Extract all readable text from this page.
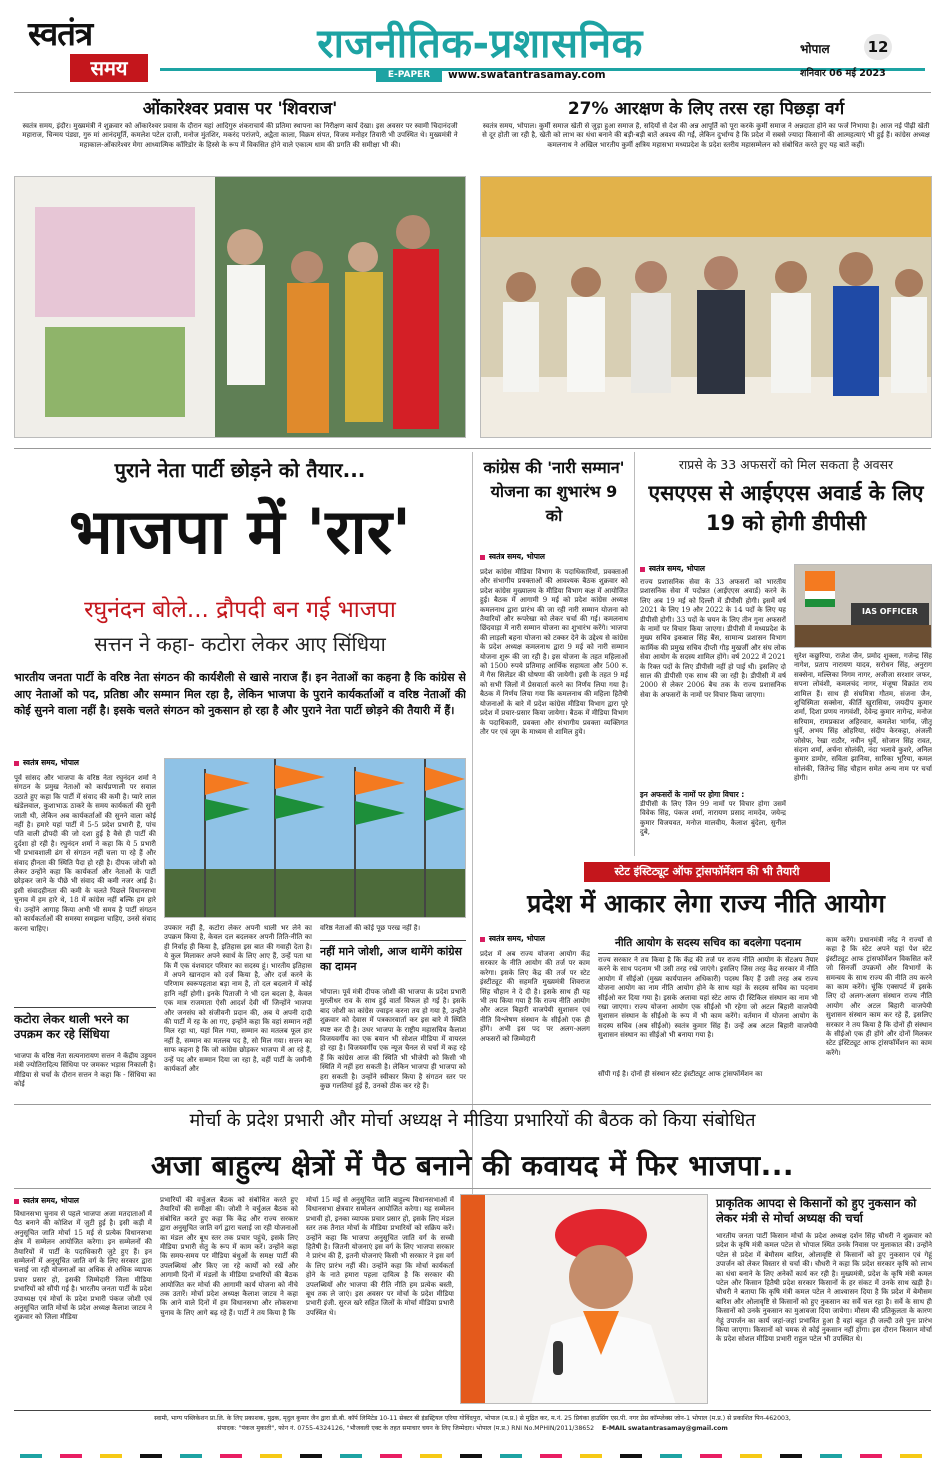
स्वतंत्र
समय
राजनीतिक-प्रशासनिक
E-PAPER	www.swatantrasamay.com
भोपाल	12
शनिवार 06 मई 2023
ओंकारेश्वर प्रवास पर 'शिवराज'
स्वतंत्र समय, इंदौर। मुख्यमंत्री ने शुक्रवार को ओंकारेश्वर प्रवास के दौरान यहां आदिगुरु शंकराचार्य की प्रतिमा स्थापना का निरीक्षण कार्य देखा। इस अवसर पर स्वामी चिदानंदजी महाराज, चिन्मय पंड्या, गुरु मां आनंदमूर्ति, कमलेश पटेल दाजी, मनोज मुंतशिर, मकरंद परांजपे, अद्वैता काला, विक्रम संपत, विजय मनोहर तिवारी भी उपस्थित थे। मुख्यमंत्री ने महाकाल-ओंकारेश्वर मेगा आध्यात्मिक कॉरिडोर के हिस्से के रूप में विकसित होने वाले एकात्म धाम की प्रगति की समीक्षा भी की।
27% आरक्षण के लिए तरस रहा पिछड़ा वर्ग
स्वतंत्र समय, भोपाल। कुर्मी समाज खेती से जुड़ा हुआ समाज है, सदियों से देश की अन्न आपूर्ति को पूरा करके कुर्मी समाज ने अन्नदाता होने का फर्ज निभाया है। आज नई पीढ़ी खेती से दूर होती जा रही है, खेती को लाभ का धंधा बनाने की बड़ी-बड़ी बातें अवश्य की गईं, लेकिन दुर्भाग्य है कि प्रदेश में सबसे ज्यादा किसानों की आत्महत्याएं भी हुई हैं। कांग्रेस अध्यक्ष कमलनाथ ने अखिल भारतीय कुर्मी क्षत्रिय महासभा मध्यप्रदेश के प्रदेश स्तरीय महासम्मेलन को संबोधित करते हुए यह बातें कहीं।
पुराने नेता पार्टी छोड़ने को तैयार...
भाजपा में 'रार'
रघुनंदन बोले... द्रौपदी बन गई भाजपा
सत्तन ने कहा- कटोरा लेकर आए सिंधिया
भारतीय जनता पार्टी के वरिष्ठ नेता संगठन की कार्यशैली से खासे नाराज हैं। इन नेताओं का कहना है कि कांग्रेस से आए नेताओं को पद, प्रतिष्ठा और सम्मान मिल रहा है, लेकिन भाजपा के पुराने कार्यकर्ताओं व वरिष्ठ नेताओं की कोई सुनने वाला नहीं है। इसके चलते संगठन को नुकसान हो रहा है और पुराने नेता पार्टी छोड़ने की तैयारी में हैं।
स्वतंत्र समय, भोपाल
पूर्व सांसद और भाजपा के वरिष्ठ नेता रघुनंदन शर्मा ने संगठन के प्रमुख नेताओं को कार्यप्रणाली पर सवाल उठाते हुए कहा कि पार्टी में संवाद की कमी है। प्यारे लाल खंडेलवाल, कुशाभाऊ ठाकरे के समय कार्यकर्ता की सुनी जाती थी, लेकिन अब कार्यकर्ताओं की सुनने वाला कोई नहीं है। हमारे यहां पार्टी में 5-5 प्रदेश प्रभारी हैं, पांच पति वाली द्रौपदी की जो दशा हुई है वैसे ही पार्टी की दुर्दशा हो रही है। रघुनंदन शर्मा ने कहा कि ये 5 प्रभारी भी प्रभावशाली ढंग से संगठन नहीं चला पा रहे हैं और संवाद हीनता की स्थिति पैदा हो रही है। दीपक जोशी को लेकर उन्होंने कहा कि कार्यकर्ता और नेताओं के पार्टी छोड़कर जाने के पीछे भी संवाद की कमी नजर आई है। इसी संवादहीनता की कमी के चलते पिछले विधानसभा चुनाव में हम हारे थे, 18 में कांग्रेस नहीं बल्कि हम हारे थे। उन्होंने आगाह किया अभी भी समय है पार्टी संगठन को कार्यकर्ताओं की समस्या समझना चाहिए, उनसे संवाद करना चाहिए।
कटोरा लेकर थाली भरने का उपक्रम कर रहे सिंधिया
भाजपा के वरिष्ठ नेता सत्यनारायण सत्तन ने केंद्रीय उड्डयन मंत्री ज्योतिरादित्य सिंधिया पर जमकर भड़ास निकाली है। मीडिया से चर्चा के दौरान सत्तन ने कहा कि - सिंधिया का कोई
उपकार नहीं है, कटोरा लेकर अपनी थाली भर लेने का उपक्रम किया है, केवल दल बदलकर अपनी तिति-नीति का ही निर्वाह ही किया है, इतिहास इस बात की गवाही देता है। ये कुल मिलाकर अपने स्वार्थ के लिए आए हैं, उन्हें पता था कि मैं एक वंशवादर परिवार का सदस्य हूं। भारतीय इतिहास में अपने खानदान को दर्ज किया है, और दर्ज करने के परिणाम स्वरूपहताश बड़ा नाम है, तो दल बदलाने में कोई हानि नहीं होगी। इनके पिताजी ने भी दल बदला है, केवल एक मात्र राजमाता ऐसी आदर्श देवी थीं जिन्होंने भाजपा और जनसंघ को संजीवनी प्रदान की, अब ये अपनी दादी की पार्टी में रह के आ गए, इन्होंने कहा कि वहां सम्मान नहीं मिल रहा था, यहां मिल गया, सम्मान का मतलब फूल हार नहीं है, सम्मान का मतलब पद है, सो मिल गया। सत्तन का साफ कहना है कि जो कांग्रेस छोड़कर भाजपा में आ रहे हैं, उन्हें पद और सम्मान दिया जा रहा है, वहीं पार्टी के जमीनी कार्यकर्ता और
वरिष्ठ नेताओं की कोई पूछ परख नहीं है।
नहीं माने जोशी, आज थामेंगे कांग्रेस का दामन
भोपाल। पूर्व मंत्री दीपक जोशी की भाजपा के प्रदेश प्रभारी मुरलीधर राव के साथ हुई वार्ता विफल हो गई है। इसके बाद जोशी का कांग्रेस ज्वाइन करना तय हो गया है, उन्होंने शुक्रवार को देवास में पत्रकारवार्ता कर इस बारे में स्थिति स्पष्ट कर दी है। उधर भाजपा के राष्ट्रीय महासचिव कैलाश विजयवर्गीय का एक बयान भी सोशल मीडिया में वायरल हो रहा है। विजयवर्गीय एक न्यूज चैनल से चर्चा में कह रहे हैं कि कांग्रेस आज की स्थिति भी भीजेपी को किसी भी स्थिति में नहीं हरा सकती है। लेकिन भाजपा ही भाजपा को हरा सकती है। उन्होंने स्वीकार किया है संगठन स्तर पर कुछ गलतियां हुई हैं, उनको ठीक कर रहे हैं।
कांग्रेस की 'नारी सम्मान' योजना का शुभारंभ 9 को
स्वतंत्र समय, भोपाल
प्रदेश कांग्रेस मीडिया विभाग के पदाधिकारियों, प्रवक्ताओं और संभागीय प्रवक्ताओं की आवश्यक बैठक शुक्रवार को प्रदेश कांग्रेस मुख्यालय के मीडिया विभाग कक्ष में आयोजित हुई। बैठक में आगामी 9 मई को प्रदेश कांग्रेस अध्यक्ष कमलनाथ द्वारा प्रारंभ की जा रही नारी सम्मान योजना को तैयारियों और रूपरेखा को लेकर चर्चा की गई। कमलनाथ छिंदवाड़ा में नारी सम्मान योजना का शुभारंभ करेंगे। भाजपा की लाड़ली बहना योजना को टक्कर देने के उद्देश्य से कांग्रेस के प्रदेश अध्यक्ष कमलनाथ द्वारा 9 मई को नारी सम्मान योजना शुरू की जा रही है। इस योजना के तहत महिलाओं को 1500 रुपये प्रतिमाह आर्थिक सहायता और 500 रु. में गैस सिलेंडर की घोषणा की जायेगी। इसी के तहत 9 मई को सभी जिलों में प्रेसवार्ता करने का निर्णय लिया गया है। बैठक में निर्णय लिया गया कि कमलनाथ की महिला हितैषी योजनाओं के बारे में प्रदेश कांग्रेस मीडिया विभाग द्वारा पूरे प्रदेश में प्रचार-प्रसार किया जायेगा। बैठक में मीडिया विभाग के पदाधिकारी, प्रवक्ता और संभागीय प्रवक्ता व्यक्तिगत तौर पर एवं जूम के माध्यम से शामिल हुये।
राप्रसे के 33 अफसरों को मिल सकता है अवसर
एसएएस से आईएएस अवार्ड के लिए 19 को होगी डीपीसी
स्वतंत्र समय, भोपाल
राज्य प्रशासनिक सेवा के 33 अफसरों को भारतीय प्रशासनिक सेवा में पदोन्नत (आईएएस अवार्ड) करने के लिए अब 19 मई को दिल्ली में डीपीसी होगी। इसमें वर्ष 2021 के लिए 19 और 2022 के 14 पदों के लिए यह डीपीसी होगी। 33 पदों के चयन के लिए तीन गुना अफसरों के नामों पर विचार किया जाएगा। डीपीसी में मध्यप्रदेश के मुख्य सचिव इकबाल सिंह बैंस, सामान्य प्रशासन विभाग कार्मिक की प्रमुख सचिव दीप्ती गौड़ मुखर्जी और संघ लोक सेवा आयोग के सदस्य शामिल होंगे। वर्ष 2022 में 2021 के रिक्त पदों के लिए डीपीसी नहीं हो पाई थी। इसलिए दो साल की डीपीसी एक साथ की जा रही है। डीपीसी में वर्ष 2000 से लेकर 2006 बैच तक के राज्य प्रशासनिक सेवा के अफसरों के नामों पर विचार किया जाएगा।
इन अफसरों के नामों पर होगा विचार :
डीपीसी के लिए जिन 99 नामों पर विचार होगा उसमें विवेक सिंह, पंकज शर्मा, नारायण प्रसाद नामदेव, जयेन्द्र कुमार विजयवत, मनोज मालवीय, कैलाश बुंदेला, सुनील दुबे,
IAS OFFICER
सुरेश कछुरिया, राजेश जैन, प्रमोद शुक्ला, गजेन्द्र सिंह नागेश, प्रताप नारायण यादव, सरोधन सिंह, अनुराग सक्सेना, मल्लिका निगम नागर, अजीजा सरशार जफर, सपना लोवंशी, कमलचंद नागर, मंजूषा विक्रांत राय शामिल हैं। साथ ही संघमित्रा गौतम, संजना जैन, शुचिस्मिता सक्सेना, कीर्ति खुरासिया, जयदीप कुमार शर्मा, दिशा प्रणय नागवंशी, देवेन्द्र कुमार नागेन्द्र, मनोज सरियाम, रामप्रकाश अहिरवार, कमलेश भार्गव, जीतू धुर्वे, अभय सिंह ओहरिया, संदीप केरकट्टा, अंजली जोसेफ, रेखा राठौर, नवीन धुर्वे, सोजान सिंह रावत, संदना शर्मा, अर्चना सोलंकी, नंदा भलावे कुशरे, अनिल कुमार डामोर, सविता झानिया, सारिका भूरिया, कमल सोलंकी, जितेन्द्र सिंह चौहान समेत अन्य नाम पर चर्चा होगी।
स्टेट इंस्टिट्यूट ऑफ ट्रांसफॉर्मेशन की भी तैयारी
प्रदेश में आकार लेगा राज्य नीति आयोग
स्वतंत्र समय, भोपाल
प्रदेश में अब राज्य योजना आयोग केंद्र सरकार के नीति आयोग की तर्ज पर काम करेगा। इसके लिए केंद्र की तर्ज पर स्टेट इंस्टीट्यूट की सहमति मुख्यमंत्री शिवराज सिंह चौहान ने दे दी है। इसके साथ ही यह भी तय किया गया है कि राज्य नीति आयोग और अटल बिहारी वाजपेयी सुशासन एवं नीति विश्लेषण संस्थान के सीईओ एक ही होंगे। अभी इस पद पर अलग-अलग अफसरों को जिम्मेदारी
नीति आयोग के सदस्य सचिव का बदलेगा पदनाम
राज्य सरकार ने तय किया है कि केंद्र की तर्ज पर राज्य नीति आयोग के सेटअप तैयार करने के साथ पदनाम भी उसी तरह रखे जाएंगे। इसलिए जिस तरह केंद्र सरकार में नीति आयोग में सीईओ (मुख्य कार्यपालन अधिकारी) पदस्थ किए हैं उसी तरह अब राज्य योजना आयोग का नाम नीति आयोग होने के साथ यहां के सदस्य सचिव का पदनाम सीईओ कर दिया गया है। इसके अलावा यहां स्टेट आफ दी स्टिकिल संस्थान का नाम भी रखा जाएगा। राज्य योजना आयोग एक सीईओ भी रहेगा जो अटल बिहारी वाजपेयी सुशासन संस्थान के सीईओ के रूप में भी काम करेंगे। वर्तमान में योजना आयोग के सदस्य सचिव (अब सीईओ) स्वतंत्र कुमार सिंह हैं। उन्हें अब अटल बिहारी वाजपेयी सुशासन संस्थान का सीईओ भी बनाया गया है।
सौंपी गई है। दोनों ही संस्थान स्टेट इंस्टीट्यूट आफ ट्रांसफॉर्मेशन का
काम करेंगे। प्रधानमंत्री नरेंद्र ने राज्यों से कहा है कि स्टेट अपने यहां पेश स्टेट इंस्टीट्यूट आफ ट्रांसफॉर्मेशन विकसित करें जो सिनर्जी उपक्रमों और विभागों के समन्वय के साथ राज्य की नीति तय करने का काम करेंगे। चूंकि एक्सपर्ट में इसके लिए दो अलग-अलग संस्थान राज्य नीति आयोग और अटल बिहारी वाजपेयी सुशासन संस्थान काम कर रहे हैं, इसलिए सरकार ने तय किया है कि दोनों ही संस्थान के सीईओ एक ही होंगे और दोनों मिलकर स्टेट इंस्टिट्यूट आफ ट्रांसफॉर्मेशन का काम करेंगे।
मोर्चा के प्रदेश प्रभारी और मोर्चा अध्यक्ष ने मीडिया प्रभारियों की बैठक को किया संबोधित
अजा बाहुल्य क्षेत्रों में पैठ बनाने की कवायद में फिर भाजपा...
स्वतंत्र समय, भोपाल
विधानसभा चुनाव से पहले भाजपा अजा मतदाताओं में पैठ बनाने की कोशिश में जुटी हुई है। इसी कड़ी में अनुसूचित जाति मोर्चा 15 मई से प्रत्येक विधानसभा क्षेत्र में सम्मेलन आयोजित करेगा। इन सम्मेलनों की तैयारियों में पार्टी के पदाधिकारी जुटे हुए हैं। इन सम्मेलनों में अनुसूचित जाति वर्ग के लिए सरकार द्वारा चलाई जा रही योजनाओं का अधिक से अधिक व्यापक प्रचार प्रसार हो, इसकी जिम्मेदारी जिला मीडिया प्रभारियों को सौंपी गई है। भारतीय जनता पार्टी के प्रदेश उपाध्यक्ष एवं मोर्चा के प्रदेश प्रभारी पंकज जोशी एवं अनुसूचित जाति मोर्चा के प्रदेश अध्यक्ष कैलाश जाटव ने शुक्रवार को जिला मीडिया
प्रभारियों की वर्चुअल बैठक को संबोधित करते हुए तैयारियों की समीक्षा की। जोशी ने वर्चुअल बैठक को संबोधित करते हुए कहा कि केंद्र और राज्य सरकार द्वारा अनुसूचित जाति वर्ग द्वारा चलाई जा रही योजनाओं का मंडल और बूथ स्तर तक प्रचार पहुंचे, इसके लिए मीडिया प्रभारी सेतु के रूप में काम करें। उन्होंने कहा कि समय-समय पर मीडिया बंधुओं के समक्ष पार्टी की उपलब्धियां और किए जा रहे कार्यों को रखें और आगामी दिनों में मंडलों के मीडिया प्रभारियों की बैठक आयोजित कर मोर्चा की आगामी कार्य योजना को नीचे तक उतारें। मोर्चा प्रदेश अध्यक्ष कैलाश जाटव ने कहा कि आने वाले दिनों में हम विधानसभा और लोकसभा चुनाव के लिए आगे बढ़ रहे हैं। पार्टी ने तय किया है कि
मोर्चा 15 मई से अनुसूचित जाति बाहुल्य विधानसभाओं में विधानसभा क्षेत्रवार सम्मेलन आयोजित करेगा। यह सम्मेलन प्रभावी हो, इनका व्यापक प्रचार प्रसार हो, इसके लिए मंडल स्तर तक तैनात मोर्चा के मीडिया प्रभारियों को सक्रिय करें। उन्होंने कहा कि भाजपा अनुसूचित जाति वर्ग के सच्ची हितैषी है। जितनी योजनाएं इस वर्ग के लिए भाजपा सरकार ने प्रारंभ की हैं, इतनी योजनाएं किसी भी सरकार ने इस वर्ग के लिए प्रारंभ नहीं की। उन्होंने कहा कि मोर्चा कार्यकर्ता होने के नाते हमारा पहला दायित्व है कि सरकार की उपलब्धियों और भाजपा की रीति नीति हम प्रत्येक बस्ती, बूथ तक ले जाएं। इस अवसर पर मोर्चा के प्रदेश मीडिया प्रभारी इंजी. सुरज खरे सहित जिलों के मोर्चा मीडिया प्रभारी उपस्थित थे।
प्राकृतिक आपदा से किसानों को हुए नुकसान को लेकर मंत्री से मोर्चा अध्यक्ष की चर्चा
भारतीय जनता पार्टी किसान मोर्चा के प्रदेश अध्यक्ष दर्शन सिंह चौधरी ने शुक्रवार को प्रदेश के कृषि मंत्री कमल पटेल से भोपाल स्थित उनके निवास पर मुलाकात की। उन्होंने पटेल से प्रदेश में बेमौसम बारिश, ओलावृष्टि से किसानों को हुए नुकसान एवं गेहूं उपार्जन को लेकर विस्तार से चर्चा की। चौधरी ने कहा कि प्रदेश सरकार कृषि को लाभ का धंधा बनाने के लिए अनेकों कार्य कर रही है। मुख्यमंत्री, प्रदेश के कृषि मंत्री कमल पटेल और किसान हितैषी प्रदेश सरकार किसानों के हर संकट में उनके साथ खड़ी है। चौधरी ने बताया कि कृषि मंत्री कमल पटेल ने आश्वासन दिया है कि प्रदेश में बेमौसम बारिश और ओलावृष्टि से किसानों को हुए नुकसान का सर्वे चल रहा है। सर्वे के साथ ही किसानों को उनके नुकसान का मुआवजा दिया जायेगा। मौसम की प्रतिकूलता के कारण गेहूं उपार्जन का कार्य जहां-जहां प्रभावित हुआ है वहां बहुत ही जल्दी उसे पुनः प्रारंभ किया जाएगा। किसानों को चमक से कोई नुकसान नहीं होगा। इस दौरान किसान मोर्चा के प्रदेश सोशल मीडिया प्रभारी राहुल पटेल भी उपस्थित थे।
स्वामी, भाग्य पब्लिकेशन प्रा.लि. के लिए प्रकाशक, मुद्रक, मृदुल कुमार जैन द्वारा डी.बी. कॉर्प लिमिटेड 10-11 सेक्टर बी इंडस्ट्रियल एरिया गोविंदपुरा, भोपाल (म.प्र.) से मुद्रित कर, म.नं. 25 प्रियंका हाउसिंग एस.पी. नगर प्रेस कॉम्प्लेक्स जोन-1 भोपाल (म.प्र.) से प्रकाशित पिन-462003,
संपादक: "पंकज मुकाती", फोन नं. 0755-4324126, "भौजवली एक्ट के तहत समाचार चयन के लिए जिम्मेदार। भोपाल (म.प्र.) RNI No.MPHIN/2011/38652 E-MAIL swatantrasamay@gmail.com
